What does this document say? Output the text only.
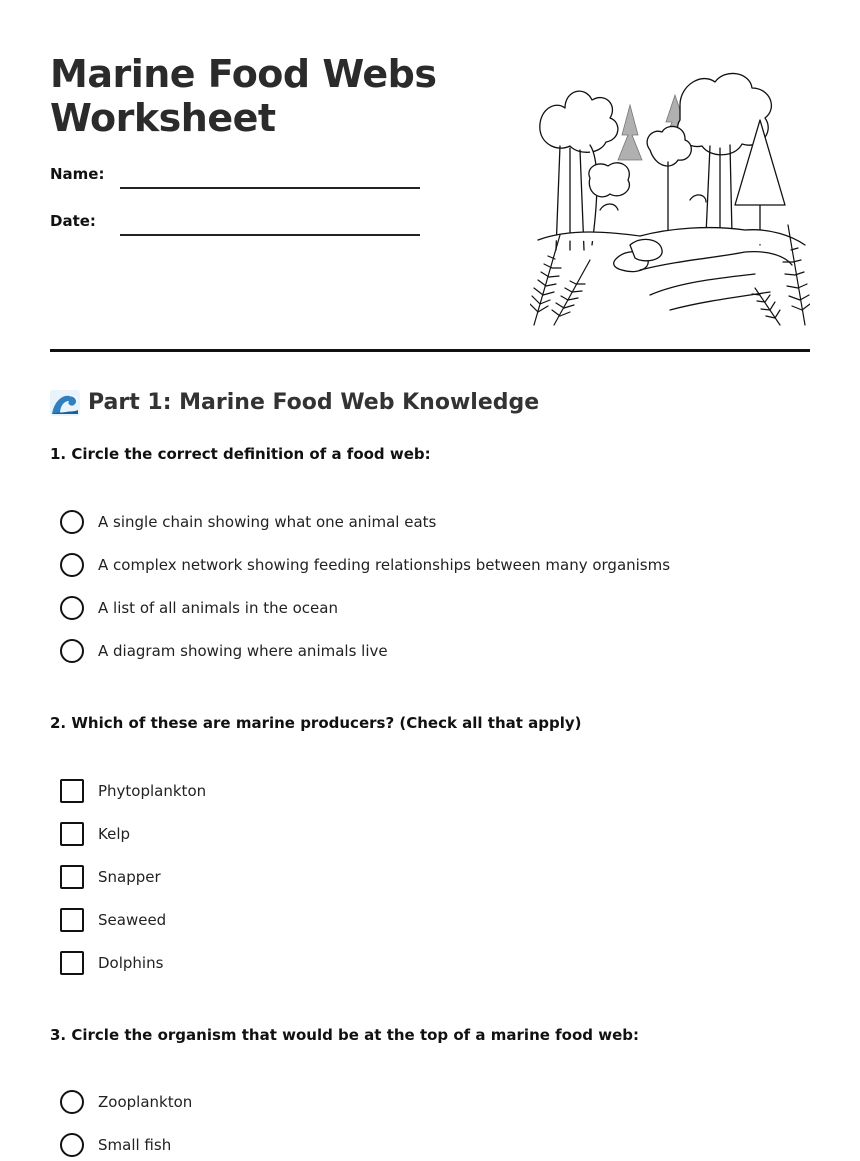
Marine Food Webs Worksheet
Name:
Date:
Part 1: Marine Food Web Knowledge

1. Circle the correct definition of a food web:

A single chain showing what one animal eats
A complex network showing feeding relationships between many organisms
A list of all animals in the ocean
A diagram showing where animals live

2. Which of these are marine producers? (Check all that apply)

Phytoplankton
Kelp
Snapper
Seaweed
Dolphins

3. Circle the organism that would be at the top of a marine food web:

Zooplankton
Small fish
